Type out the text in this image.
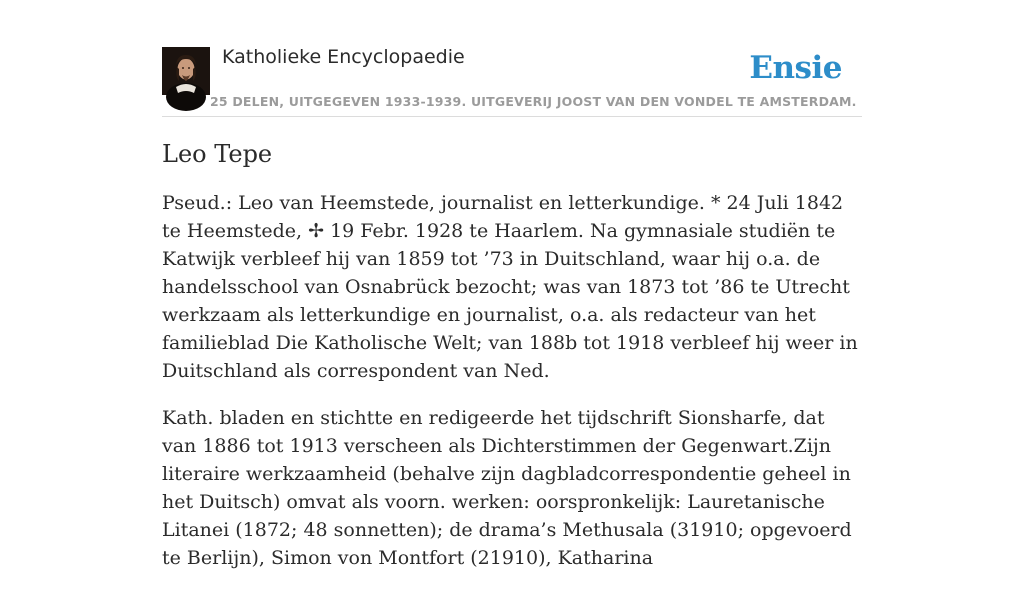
Katholieke Encyclopaedie
25 DELEN, UITGEGEVEN 1933-1939. UITGEVERIJ JOOST VAN DEN VONDEL TE AMSTERDAM.
Ensie
Leo Tepe

Pseud.: Leo van Heemstede, journalist en letterkundige. * 24 Juli 1842 te Heemstede, ✢ 19 Febr. 1928 te Haarlem. Na gymnasiale studiën te Katwijk verbleef hij van 1859 tot ’73 in Duitschland, waar hij o.a. de handelsschool van Osnabrück bezocht; was van 1873 tot ’86 te Utrecht werkzaam als letterkundige en journalist, o.a. als redacteur van het familieblad Die Katholische Welt; van 188b tot 1918 verbleef hij weer in Duitschland als correspondent van Ned.

Kath. bladen en stichtte en redigeerde het tijdschrift Sionsharfe, dat van 1886 tot 1913 verscheen als Dichterstimmen der Gegenwart.Zijn literaire werkzaamheid (behalve zijn dagbladcorrespondentie geheel in het Duitsch) omvat als voorn. werken: oorspronkelijk: Lauretanische Litanei (1872; 48 sonnetten); de drama’s Methusala (31910; opgevoerd te Berlijn), Simon von Montfort (21910), Katharina
